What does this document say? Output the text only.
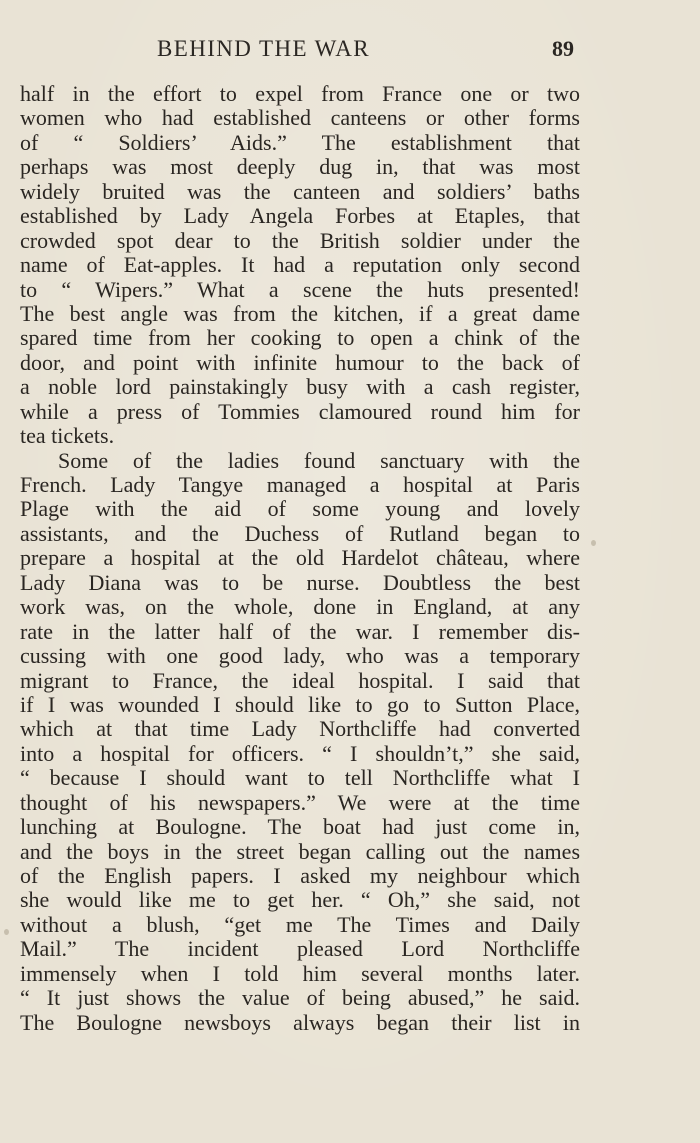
BEHIND THE WAR	89
half in the effort to expel from France one or two
women who had established canteens or other forms
of “ Soldiers’ Aids.” The establishment that
perhaps was most deeply dug in, that was most
widely bruited was the canteen and soldiers’ baths
established by Lady Angela Forbes at Etaples, that
crowded spot dear to the British soldier under the
name of Eat-apples. It had a reputation only second
to “ Wipers.” What a scene the huts presented!
The best angle was from the kitchen, if a great dame
spared time from her cooking to open a chink of the
door, and point with infinite humour to the back of
a noble lord painstakingly busy with a cash register,
while a press of Tommies clamoured round him for
tea tickets.
Some of the ladies found sanctuary with the
French. Lady Tangye managed a hospital at Paris
Plage with the aid of some young and lovely
assistants, and the Duchess of Rutland began to
prepare a hospital at the old Hardelot château, where
Lady Diana was to be nurse. Doubtless the best
work was, on the whole, done in England, at any
rate in the latter half of the war. I remember dis-
cussing with one good lady, who was a temporary
migrant to France, the ideal hospital. I said that
if I was wounded I should like to go to Sutton Place,
which at that time Lady Northcliffe had converted
into a hospital for officers. “ I shouldn’t,” she said,
“ because I should want to tell Northcliffe what I
thought of his newspapers.” We were at the time
lunching at Boulogne. The boat had just come in,
and the boys in the street began calling out the names
of the English papers. I asked my neighbour which
she would like me to get her. “ Oh,” she said, not
without a blush, “get me The Times and Daily
Mail.” The incident pleased Lord Northcliffe
immensely when I told him several months later.
“ It just shows the value of being abused,” he said.
The Boulogne newsboys always began their list in
